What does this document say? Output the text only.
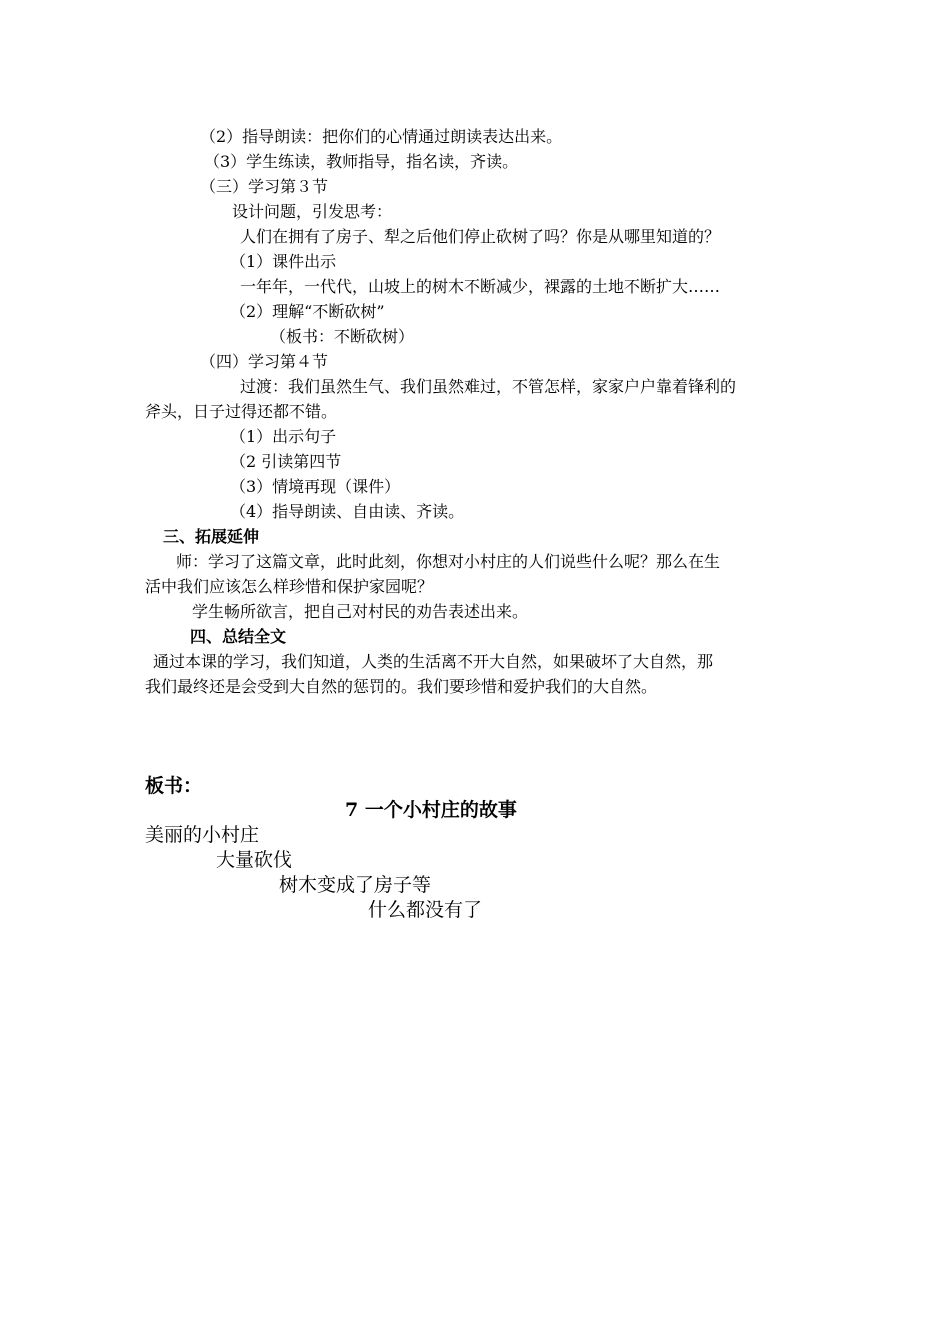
（2）指导朗读：把你们的心情通过朗读表达出来。
（3）学生练读，教师指导，指名读，齐读。
（三）学习第３节
设计问题，引发思考：
人们在拥有了房子、犁之后他们停止砍树了吗？你是从哪里知道的？
（1）课件出示
一年年，一代代，山坡上的树木不断减少，裸露的土地不断扩大……
（2）理解“不断砍树”
（板书：不断砍树）
（四）学习第４节
过渡：我们虽然生气、我们虽然难过，不管怎样，家家户户靠着锋利的
斧头，日子过得还都不错。
（1）出示句子
（2 引读第四节
（3）情境再现（课件）
（4）指导朗读、自由读、齐读。
三、拓展延伸
师：学习了这篇文章，此时此刻，你想对小村庄的人们说些什么呢？那么在生
活中我们应该怎么样珍惜和保护家园呢？
学生畅所欲言，把自己对村民的劝告表述出来。
四、总结全文
通过本课的学习，我们知道，人类的生活离不开大自然，如果破坏了大自然，那
我们最终还是会受到大自然的惩罚的。我们要珍惜和爱护我们的大自然。
板书：
7 一个小村庄的故事
美丽的小村庄
大量砍伐
树木变成了房子等
什么都没有了
